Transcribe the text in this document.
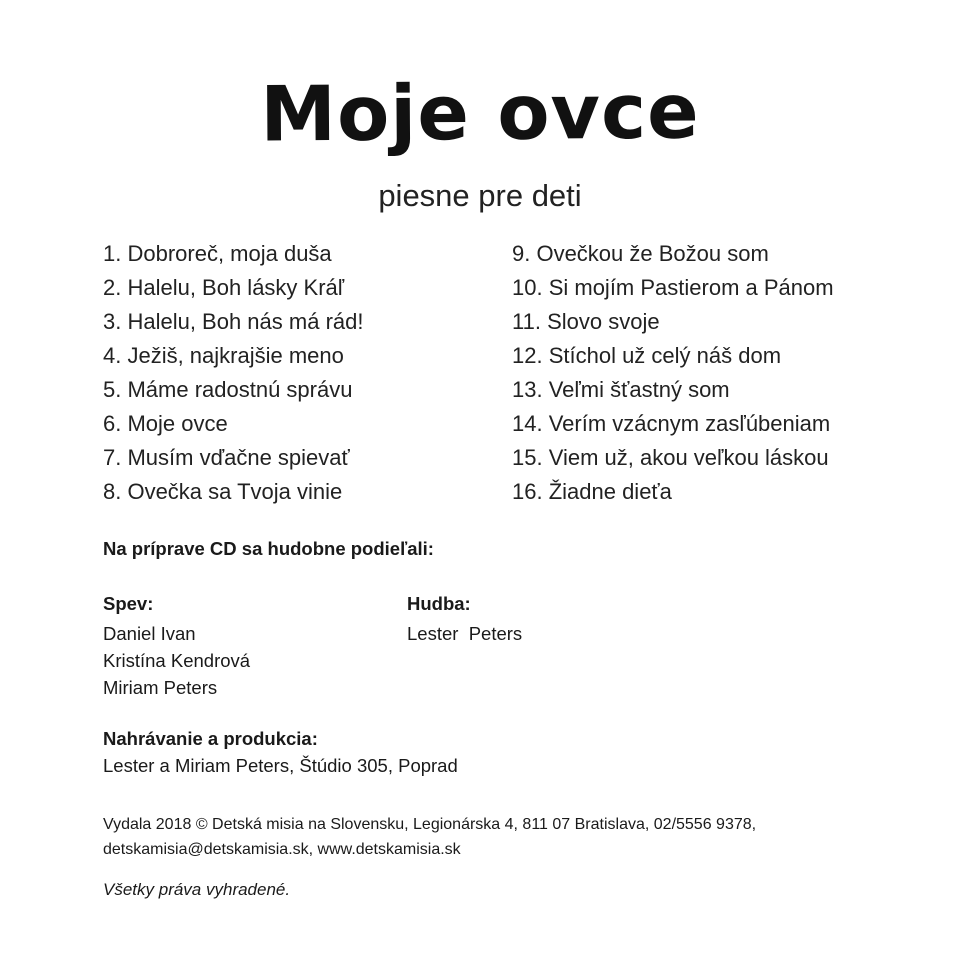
Moje ovce
piesne pre deti
1. Dobroreč, moja duša
2. Halelu, Boh lásky Kráľ
3. Halelu, Boh nás má rád!
4. Ježiš, najkrajšie meno
5. Máme radostnú správu
6. Moje ovce
7. Musím vďačne spievať
8. Ovečka sa Tvoja vinie
9. Ovečkou že Božou som
10. Si mojím Pastierom a Pánom
11. Slovo svoje
12. Stíchol už celý náš dom
13. Veľmi šťastný som
14. Verím vzácnym zasľúbeniam
15. Viem už, akou veľkou láskou
16. Žiadne dieťa
Na príprave CD sa hudobne podieľali:
Spev:
Daniel Ivan
Kristína Kendrová
Miriam Peters
Hudba:
Lester  Peters
Nahrávanie a produkcia:
Lester a Miriam Peters, Štúdio 305, Poprad
Vydala 2018 © Detská misia na Slovensku, Legionárska 4, 811 07 Bratislava, 02/5556 9378,
detskamisia@detskamisia.sk, www.detskamisia.sk
Všetky práva vyhradené.
